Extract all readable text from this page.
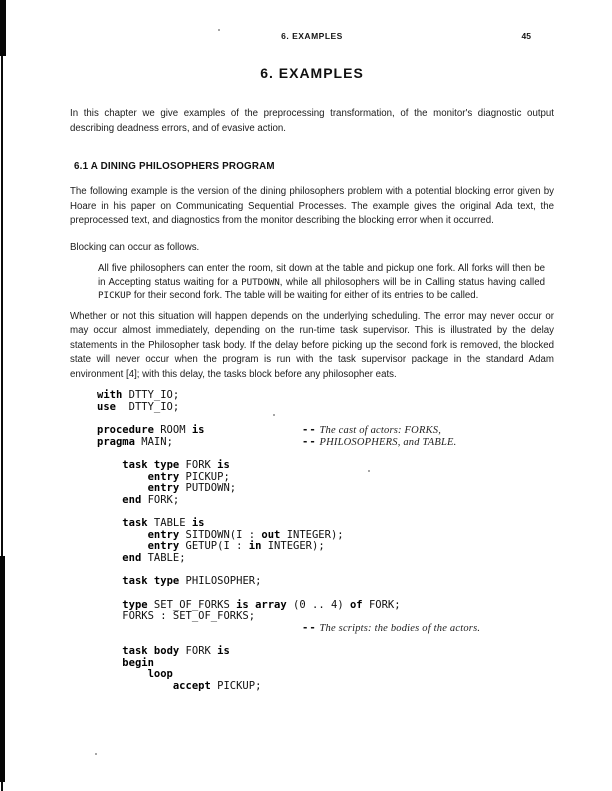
6. EXAMPLES	45
6. EXAMPLES

In this chapter we give examples of the preprocessing transformation, of the monitor's diagnostic output describing deadness errors, and of evasive action.

6.1 A DINING PHILOSOPHERS PROGRAM

The following example is the version of the dining philosophers problem with a potential blocking error given by Hoare in his paper on Communicating Sequential Processes. The example gives the original Ada text, the preprocessed text, and diagnostics from the monitor describing the blocking error when it occurred.

Blocking can occur as follows.

All five philosophers can enter the room, sit down at the table and pickup one fork. All forks will then be in Accepting status waiting for a PUTDOWN, while all philosophers will be in Calling status having called PICKUP for their second fork. The table will be waiting for either of its entries to be called.

Whether or not this situation will happen depends on the underlying scheduling. The error may never occur or may occur almost immediately, depending on the run-time task supervisor. This is illustrated by the delay statements in the Philosopher task body. If the delay before picking up the second fork is removed, the blocked state will never occur when the program is run with the task supervisor package in the standard Adam environment [4]; with this delay, the tasks block before any philosopher eats.

with DTTY_IO;
use DTTY_IO;

procedure ROOM is	-- The cast of actors: FORKS,
pragma MAIN;	-- PHILOSOPHERS, and TABLE.

task type FORK is
entry PICKUP;
entry PUTDOWN;
end FORK;

task TABLE is
entry SITDOWN(I : out INTEGER);
entry GETUP(I : in INTEGER);
end TABLE;

task type PHILOSOPHER;

type SET_OF_FORKS is array (0 .. 4) of FORK;
FORKS : SET_OF_FORKS;

-- The scripts: the bodies of the actors.

task body FORK is
begin
loop
accept PICKUP;
